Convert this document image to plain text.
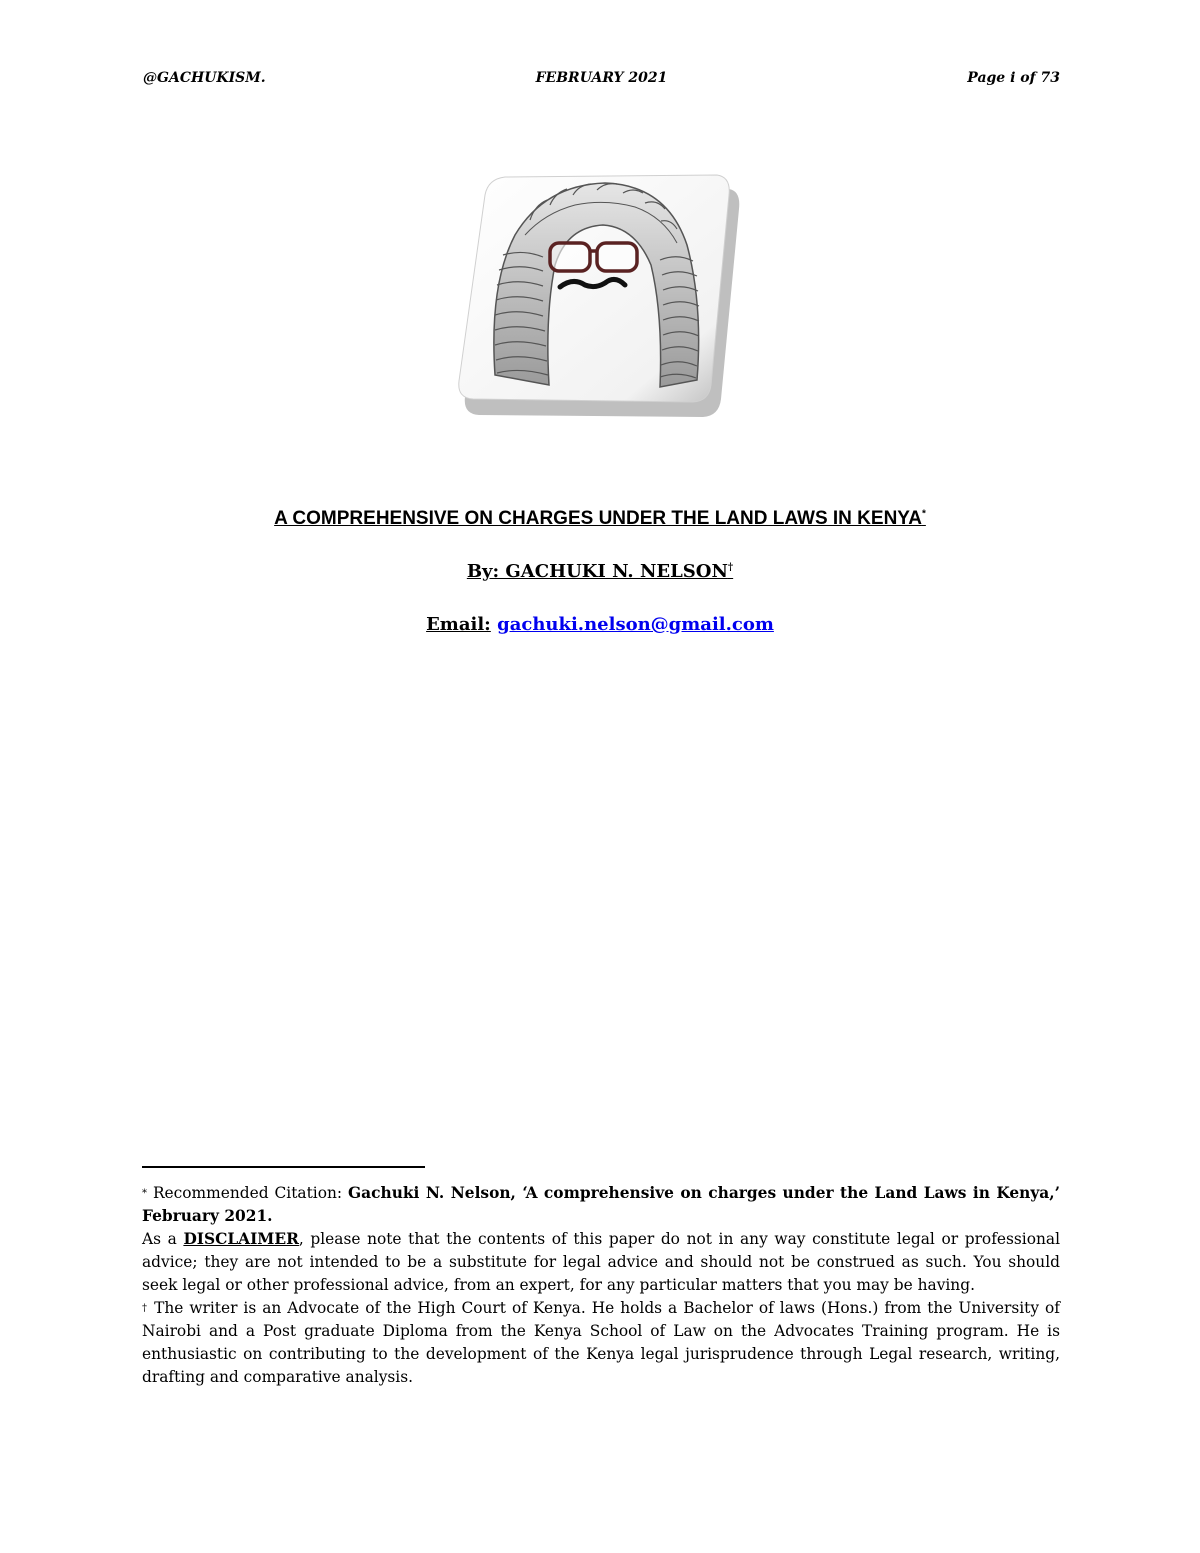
@GACHUKISM.	FEBRUARY 2021	Page i of 73
A COMPREHENSIVE ON CHARGES UNDER THE LAND LAWS IN KENYA*
By: GACHUKI N. NELSON†
Email: gachuki.nelson@gmail.com

* Recommended Citation: Gachuki N. Nelson, ‘A comprehensive on charges under the Land Laws in Kenya,’ February 2021.

As a DISCLAIMER, please note that the contents of this paper do not in any way constitute legal or professional advice; they are not intended to be a substitute for legal advice and should not be construed as such. You should seek legal or other professional advice, from an expert, for any particular matters that you may be having.

† The writer is an Advocate of the High Court of Kenya. He holds a Bachelor of laws (Hons.) from the University of Nairobi and a Post graduate Diploma from the Kenya School of Law on the Advocates Training program. He is enthusiastic on contributing to the development of the Kenya legal jurisprudence through Legal research, writing, drafting and comparative analysis.
